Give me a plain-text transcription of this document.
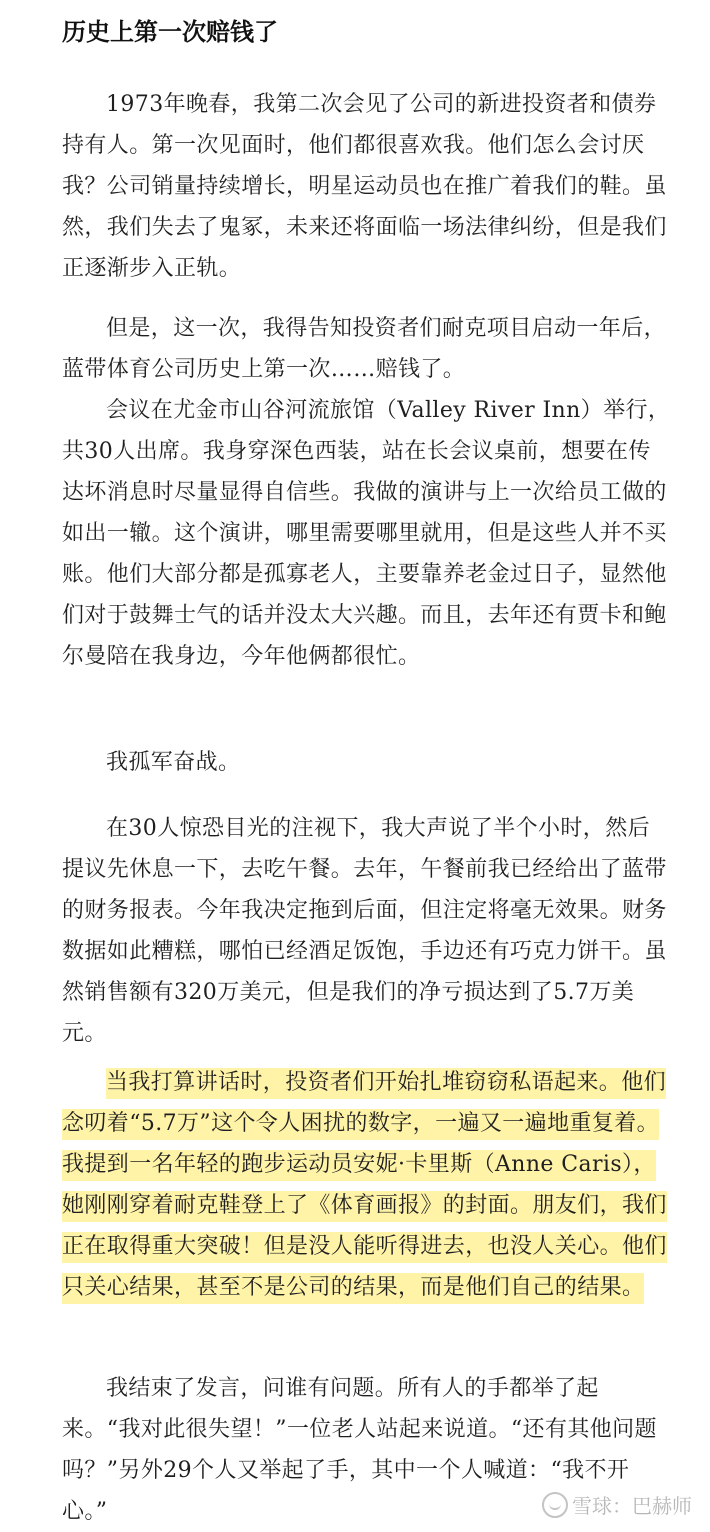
历史上第一次赔钱了

1973年晚春，我第二次会见了公司的新进投资者和债券持有人。第一次见面时，他们都很喜欢我。他们怎么会讨厌我？公司销量持续增长，明星运动员也在推广着我们的鞋。虽然，我们失去了鬼冢，未来还将面临一场法律纠纷，但是我们正逐渐步入正轨。

但是，这一次，我得告知投资者们耐克项目启动一年后，蓝带体育公司历史上第一次……赔钱了。

会议在尤金市山谷河流旅馆（Valley River Inn）举行，共30人出席。我身穿深色西装，站在长会议桌前，想要在传达坏消息时尽量显得自信些。我做的演讲与上一次给员工做的如出一辙。这个演讲，哪里需要哪里就用，但是这些人并不买账。他们大部分都是孤寡老人，主要靠养老金过日子，显然他们对于鼓舞士气的话并没太大兴趣。而且，去年还有贾卡和鲍尔曼陪在我身边，今年他俩都很忙。

我孤军奋战。

在30人惊恐目光的注视下，我大声说了半个小时，然后提议先休息一下，去吃午餐。去年，午餐前我已经给出了蓝带的财务报表。今年我决定拖到后面，但注定将毫无效果。财务数据如此糟糕，哪怕已经酒足饭饱，手边还有巧克力饼干。虽然销售额有320万美元，但是我们的净亏损达到了5.7万美元。

当我打算讲话时，投资者们开始扎堆窃窃私语起来。他们念叨着“5.7万”这个令人困扰的数字，一遍又一遍地重复着。我提到一名年轻的跑步运动员安妮·卡里斯（Anne Caris），她刚刚穿着耐克鞋登上了《体育画报》的封面。朋友们，我们正在取得重大突破！但是没人能听得进去，也没人关心。他们只关心结果，甚至不是公司的结果，而是他们自己的结果。

我结束了发言，问谁有问题。所有人的手都举了起来。“我对此很失望！”一位老人站起来说道。“还有其他问题吗？”另外29个人又举起了手，其中一个人喊道：“我不开心。”	雪球：巴赫师
